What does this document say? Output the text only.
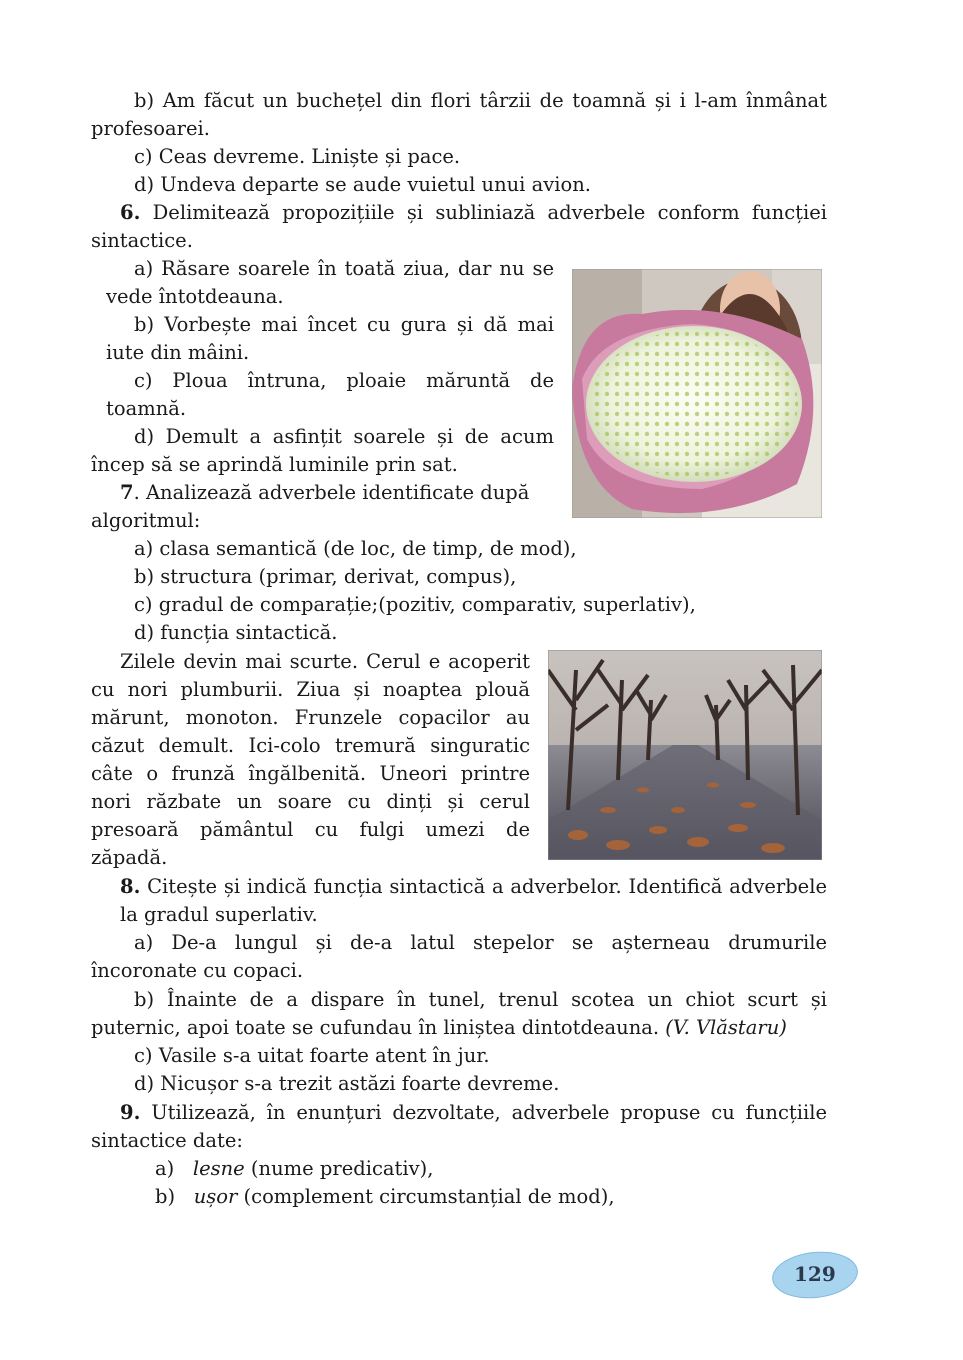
b) Am făcut un buchețel din flori târzii de toamnă și i l-am înmânat
profesoarei.
c) Ceas devreme. Liniște și pace.
d) Undeva departe se aude vuietul unui avion.
6. Delimitează propozițiile și subliniază adverbele conform funcției
sintactice.
a) Răsare soarele în toată ziua, dar nu se
vede întotdeauna.
b) Vorbește mai încet cu gura și dă mai
iute din mâini.
c) Ploua întruna, ploaie măruntă de
toamnă.
d) Demult a asfințit soarele și de acum
încep să se aprindă luminile prin sat.
7. Analizează adverbele identificate după
algoritmul:
a) clasa semantică (de loc, de timp, de mod),
b) structura (primar, derivat, compus),
c) gradul de comparație;(pozitiv, comparativ, superlativ),
d) funcția sintactică.
Zilele devin mai scurte. Cerul e acoperit
cu nori plumburii. Ziua și noaptea plouă
mărunt, monoton. Frunzele copacilor au
căzut demult. Ici-colo tremură singuratic
câte o frunză îngălbenită. Uneori printre
nori răzbate un soare cu dinți și cerul
presoară pământul cu fulgi umezi de
zăpadă.
8. Citește și indică funcția sintactică a adverbelor. Identifică adverbele
la gradul superlativ.
a) De-a lungul și de-a latul stepelor se așterneau drumurile
încoronate cu copaci.
b) Înainte de a dispare în tunel, trenul scotea un chiot scurt și
puternic, apoi toate se cufundau în liniștea dintotdeauna. (V. Vlăstaru)
c) Vasile s-a uitat foarte atent în jur.
d) Nicușor s-a trezit astăzi foarte devreme.
9. Utilizează, în enunțuri dezvoltate, adverbele propuse cu funcțiile
sintactice date:
a) lesne (nume predicativ),
b) ușor (complement circumstanțial de mod),
129
